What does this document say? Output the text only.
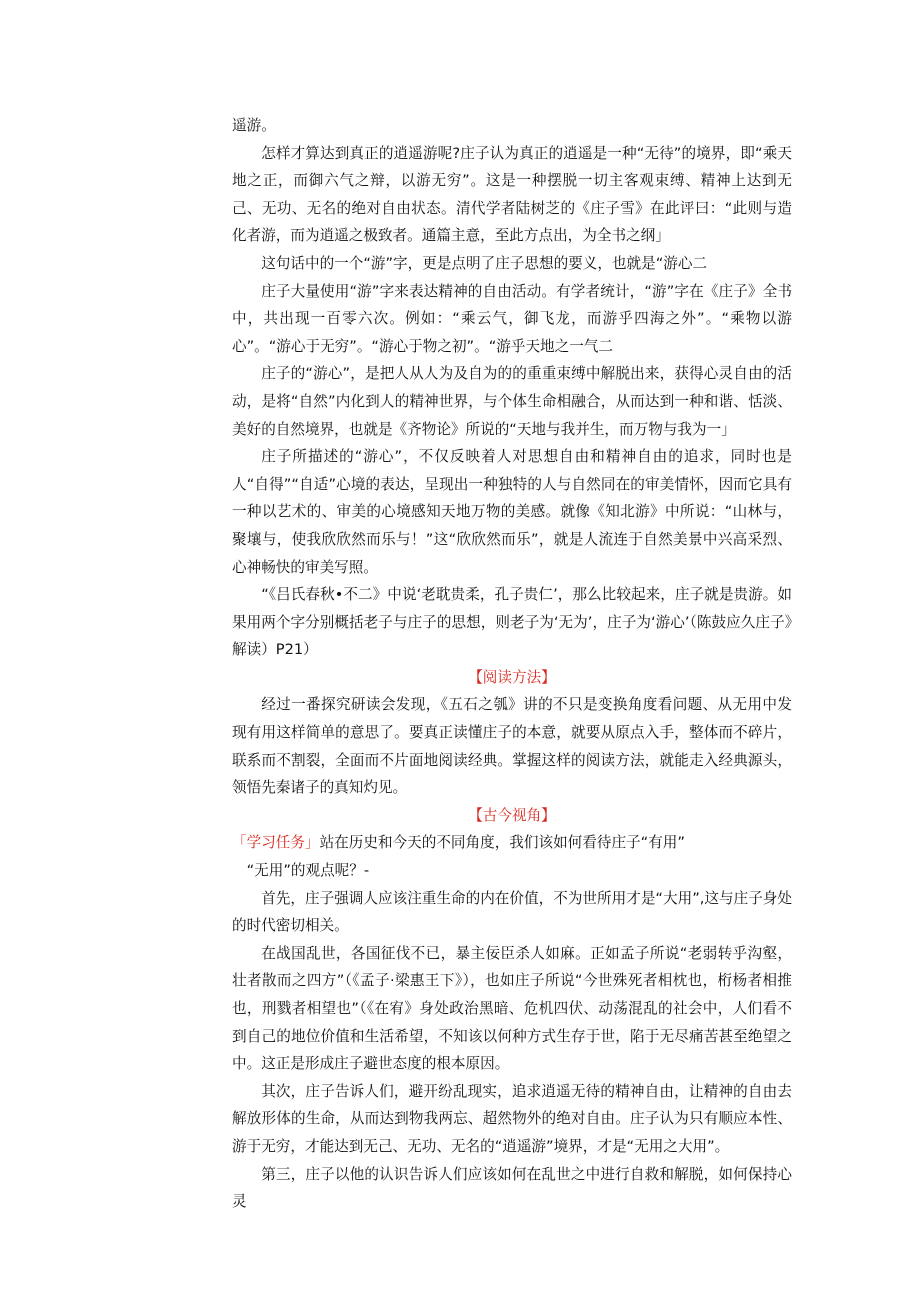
遥游。

怎样才算达到真正的逍遥游呢?庄子认为真正的逍遥是一种“无待”的境界，即“乘天地之正，而御六气之辩，以游无穷”。这是一种摆脱一切主客观束缚、精神上达到无己、无功、无名的绝对自由状态。清代学者陆树芝的《庄子雪》在此评曰：“此则与造化者游，而为逍遥之极致者。通篇主意，至此方点出，为全书之纲」

这句话中的一个“游”字，更是点明了庄子思想的要义，也就是“游心二

庄子大量使用“游”字来表达精神的自由活动。有学者统计，“游”字在《庄子》全书中，共出现一百零六次。例如：“乘云气，御飞龙，而游乎四海之外”。“乘物以游心”。“游心于无穷”。“游心于物之初”。“游乎天地之一气二

庄子的“游心”，是把人从人为及自为的的重重束缚中解脱出来，获得心灵自由的活动，是将“自然”内化到人的精神世界，与个体生命相融合，从而达到一种和谐、恬淡、美好的自然境界，也就是《齐物论》所说的“天地与我并生，而万物与我为一」

庄子所描述的“游心”，不仅反映着人对思想自由和精神自由的追求，同时也是人“自得”“自适”心境的表达，呈现出一种独特的人与自然同在的审美情怀，因而它具有一种以艺术的、审美的心境感知天地万物的美感。就像《知北游》中所说：“山林与，聚壤与，使我欣欣然而乐与！”这“欣欣然而乐”，就是人流连于自然美景中兴高采烈、心神畅快的审美写照。

“《吕氏春秋•不二》中说‘老耽贵柔，孔子贵仁’，那么比较起来，庄子就是贵游。如果用两个字分别概括老子与庄子的思想，则老子为‘无为’，庄子为‘游心’（陈鼓应久庄子》解读）P21）

【阅读方法】

经过一番探究研读会发现，《五石之瓠》讲的不只是变换角度看问题、从无用中发现有用这样简单的意思了。要真正读懂庄子的本意，就要从原点入手，整体而不碎片，联系而不割裂，全面而不片面地阅读经典。掌握这样的阅读方法，就能走入经典源头，领悟先秦诸子的真知灼见。

【古今视角】

「学习任务」站在历史和今天的不同角度，我们该如何看待庄子“有用”
“无用”的观点呢？-

首先，庄子强调人应该注重生命的内在价值，不为世所用才是“大用”,这与庄子身处的时代密切相关。

在战国乱世，各国征伐不已，暴主佞臣杀人如麻。正如孟子所说“老弱转乎沟壑，壮者散而之四方”（《孟子·梁惠王下》），也如庄子所说“今世殊死者相枕也，桁杨者相推也，刑戮者相望也”（《在宥》身处政治黑暗、危机四伏、动荡混乱的社会中，人们看不到自己的地位价值和生活希望，不知该以何种方式生存于世，陷于无尽痛苦甚至绝望之中。这正是形成庄子避世态度的根本原因。

其次，庄子告诉人们，避开纷乱现实，追求逍遥无待的精神自由，让精神的自由去解放形体的生命，从而达到物我两忘、超然物外的绝对自由。庄子认为只有顺应本性、游于无穷，才能达到无己、无功、无名的“逍遥游”境界，才是“无用之大用”。

第三，庄子以他的认识告诉人们应该如何在乱世之中进行自救和解脱，如何保持心灵
